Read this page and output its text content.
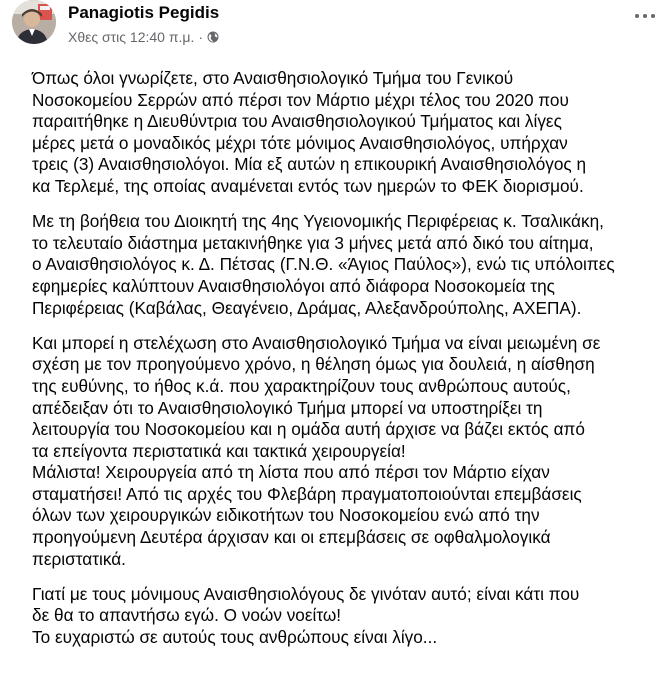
Panagiotis Pegidis
Χθες στις 12:40 π.μ. ·

Όπως όλοι γνωρίζετε, στο Αναισθησιολογικό Τμήμα του Γενικού
Νοσοκομείου Σερρών από πέρσι τον Μάρτιο μέχρι τέλος του 2020 που
παραιτήθηκε η Διευθύντρια του Αναισθησιολογικού Τμήματος και λίγες
μέρες μετά ο μοναδικός μέχρι τότε μόνιμος Αναισθησιολόγος, υπήρχαν
τρεις (3) Αναισθησιολόγοι. Μία εξ αυτών η επικουρική Αναισθησιολόγος η
κα Τερλεμέ, της οποίας αναμένεται εντός των ημερών το ΦΕΚ διορισμού.

Με τη βοήθεια του Διοικητή της 4ης Υγειονομικής Περιφέρειας κ. Τσαλικάκη,
το τελευταίο διάστημα μετακινήθηκε για 3 μήνες μετά από δικό του αίτημα,
ο Αναισθησιολόγος κ. Δ. Πέτσας (Γ.Ν.Θ. «Άγιος Παύλος»), ενώ τις υπόλοιπες
εφημερίες καλύπτουν Αναισθησιολόγοι από διάφορα Νοσοκομεία της
Περιφέρειας (Καβάλας, Θεαγένειο, Δράμας, Αλεξανδρούπολης, ΑΧΕΠΑ).

Και μπορεί η στελέχωση στο Αναισθησιολογικό Τμήμα να είναι μειωμένη σε
σχέση με τον προηγούμενο χρόνο, η θέληση όμως για δουλειά, η αίσθηση
της ευθύνης, το ήθος κ.ά. που χαρακτηρίζουν τους ανθρώπους αυτούς,
απέδειξαν ότι το Αναισθησιολογικό Τμήμα μπορεί να υποστηρίξει τη
λειτουργία του Νοσοκομείου και η ομάδα αυτή άρχισε να βάζει εκτός από
τα επείγοντα περιστατικά και τακτικά χειρουργεία!
Μάλιστα! Χειρουργεία από τη λίστα που από πέρσι τον Μάρτιο είχαν
σταματήσει! Από τις αρχές του Φλεβάρη πραγματοποιούνται επεμβάσεις
όλων των χειρουργικών ειδικοτήτων του Νοσοκομείου ενώ από την
προηγούμενη Δευτέρα άρχισαν και οι επεμβάσεις σε οφθαλμολογικά
περιστατικά.

Γιατί με τους μόνιμους Αναισθησιολόγους δε γινόταν αυτό; είναι κάτι που
δε θα το απαντήσω εγώ. Ο νοών νοείτω!
Το ευχαριστώ σε αυτούς τους ανθρώπους είναι λίγο...
